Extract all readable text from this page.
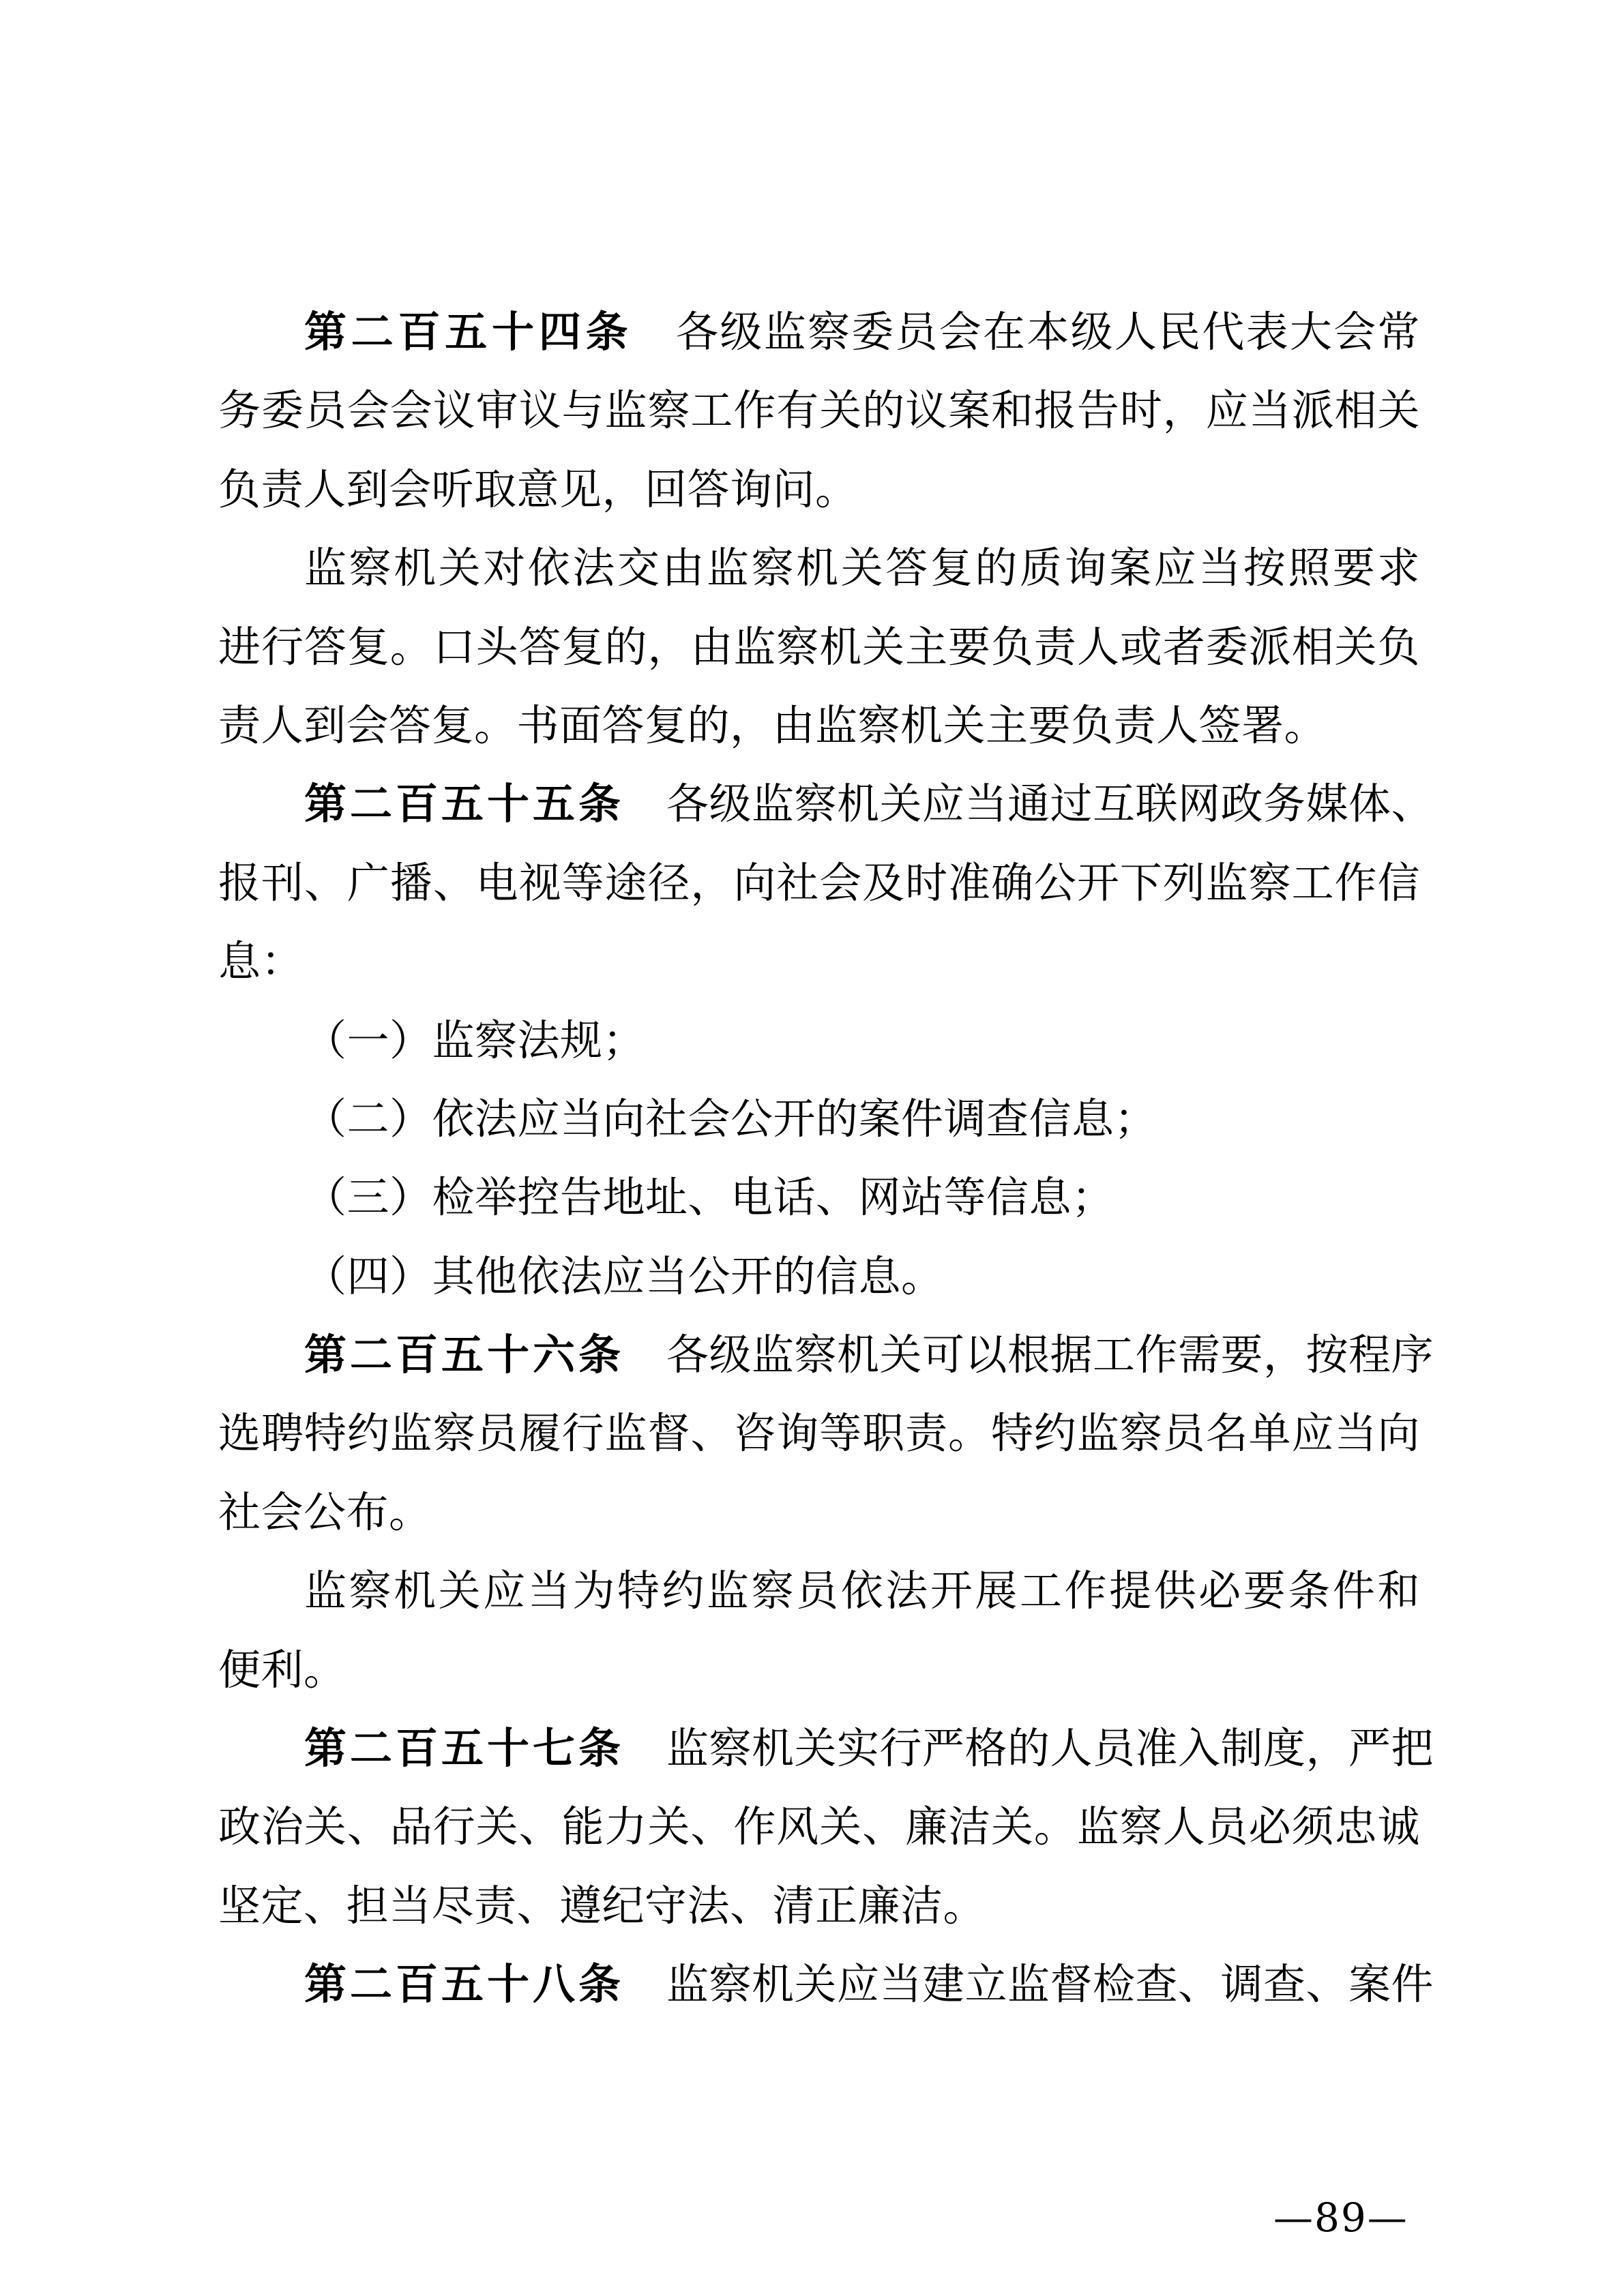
第二百五十四条 各级监察委员会在本级人民代表大会常
务委员会会议审议与监察工作有关的议案和报告时，应当派相关
负责人到会听取意见，回答询问。
监察机关对依法交由监察机关答复的质询案应当按照要求
进行答复。口头答复的，由监察机关主要负责人或者委派相关负
责人到会答复。书面答复的，由监察机关主要负责人签署。
第二百五十五条 各级监察机关应当通过互联网政务媒体、
报刊、广播、电视等途径，向社会及时准确公开下列监察工作信
息：
（一）监察法规；
（二）依法应当向社会公开的案件调查信息；
（三）检举控告地址、电话、网站等信息；
（四）其他依法应当公开的信息。
第二百五十六条 各级监察机关可以根据工作需要，按程序
选聘特约监察员履行监督、咨询等职责。特约监察员名单应当向
社会公布。
监察机关应当为特约监察员依法开展工作提供必要条件和
便利。
第二百五十七条 监察机关实行严格的人员准入制度，严把
政治关、品行关、能力关、作风关、廉洁关。监察人员必须忠诚
坚定、担当尽责、遵纪守法、清正廉洁。
第二百五十八条 监察机关应当建立监督检查、调查、案件
—89—
